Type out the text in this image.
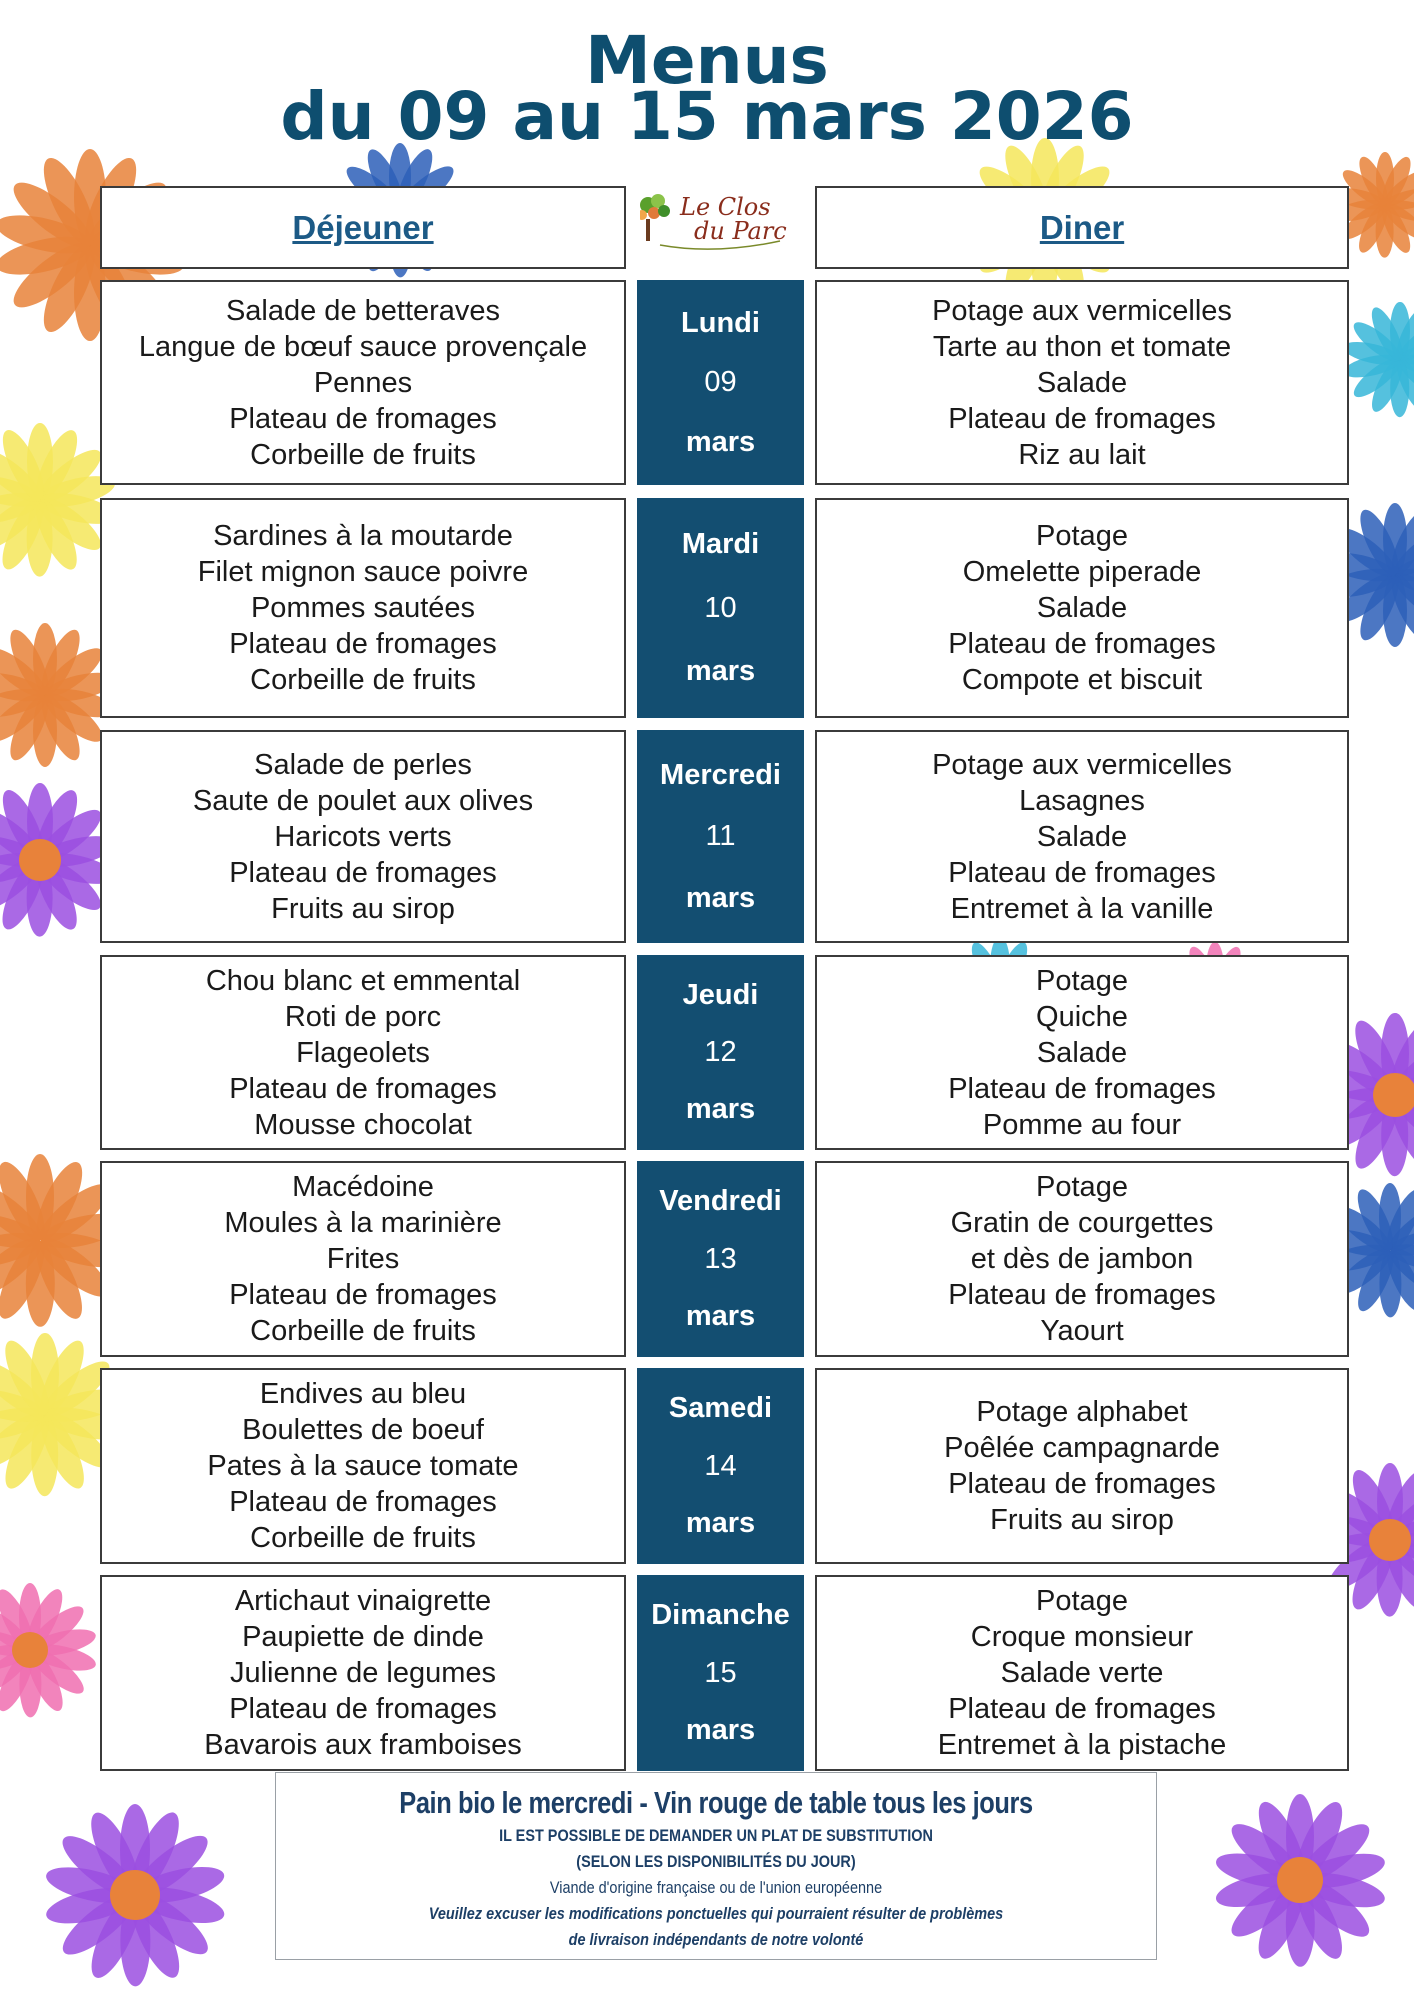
Menus
du 09 au 15 mars 2026
Déjeuner	Diner
Le Clos
du Parc
Salade de betteraves
Langue de bœuf sauce provençale
Pennes
Plateau de fromages
Corbeille de fruits
Lundi
09
mars
Potage aux vermicelles
Tarte au thon et tomate
Salade
Plateau de fromages
Riz au lait
Sardines à la moutarde
Filet mignon sauce poivre
Pommes sautées
Plateau de fromages
Corbeille de fruits
Mardi
10
mars
Potage
Omelette piperade
Salade
Plateau de fromages
Compote et biscuit
Salade de perles
Saute de poulet aux olives
Haricots verts
Plateau de fromages
Fruits au sirop
Mercredi
11
mars
Potage aux vermicelles
Lasagnes
Salade
Plateau de fromages
Entremet à la vanille
Chou blanc et emmental
Roti de porc
Flageolets
Plateau de fromages
Mousse chocolat
Jeudi
12
mars
Potage
Quiche
Salade
Plateau de fromages
Pomme au four
Macédoine
Moules à la marinière
Frites
Plateau de fromages
Corbeille de fruits
Vendredi
13
mars
Potage
Gratin de courgettes
et dès de jambon
Plateau de fromages
Yaourt
Endives au bleu
Boulettes de boeuf
Pates à la sauce tomate
Plateau de fromages
Corbeille de fruits
Samedi
14
mars
Potage alphabet
Poêlée campagnarde
Plateau de fromages
Fruits au sirop
Artichaut vinaigrette
Paupiette de dinde
Julienne de legumes
Plateau de fromages
Bavarois aux framboises
Dimanche
15
mars
Potage
Croque monsieur
Salade verte
Plateau de fromages
Entremet à la pistache
Pain bio le mercredi - Vin rouge de table tous les jours
IL EST POSSIBLE DE DEMANDER UN PLAT DE SUBSTITUTION
(SELON LES DISPONIBILITÉS DU JOUR)
Viande d'origine française ou de l'union européenne
Veuillez excuser les modifications ponctuelles qui pourraient résulter de problèmes
de livraison indépendants de notre volonté
